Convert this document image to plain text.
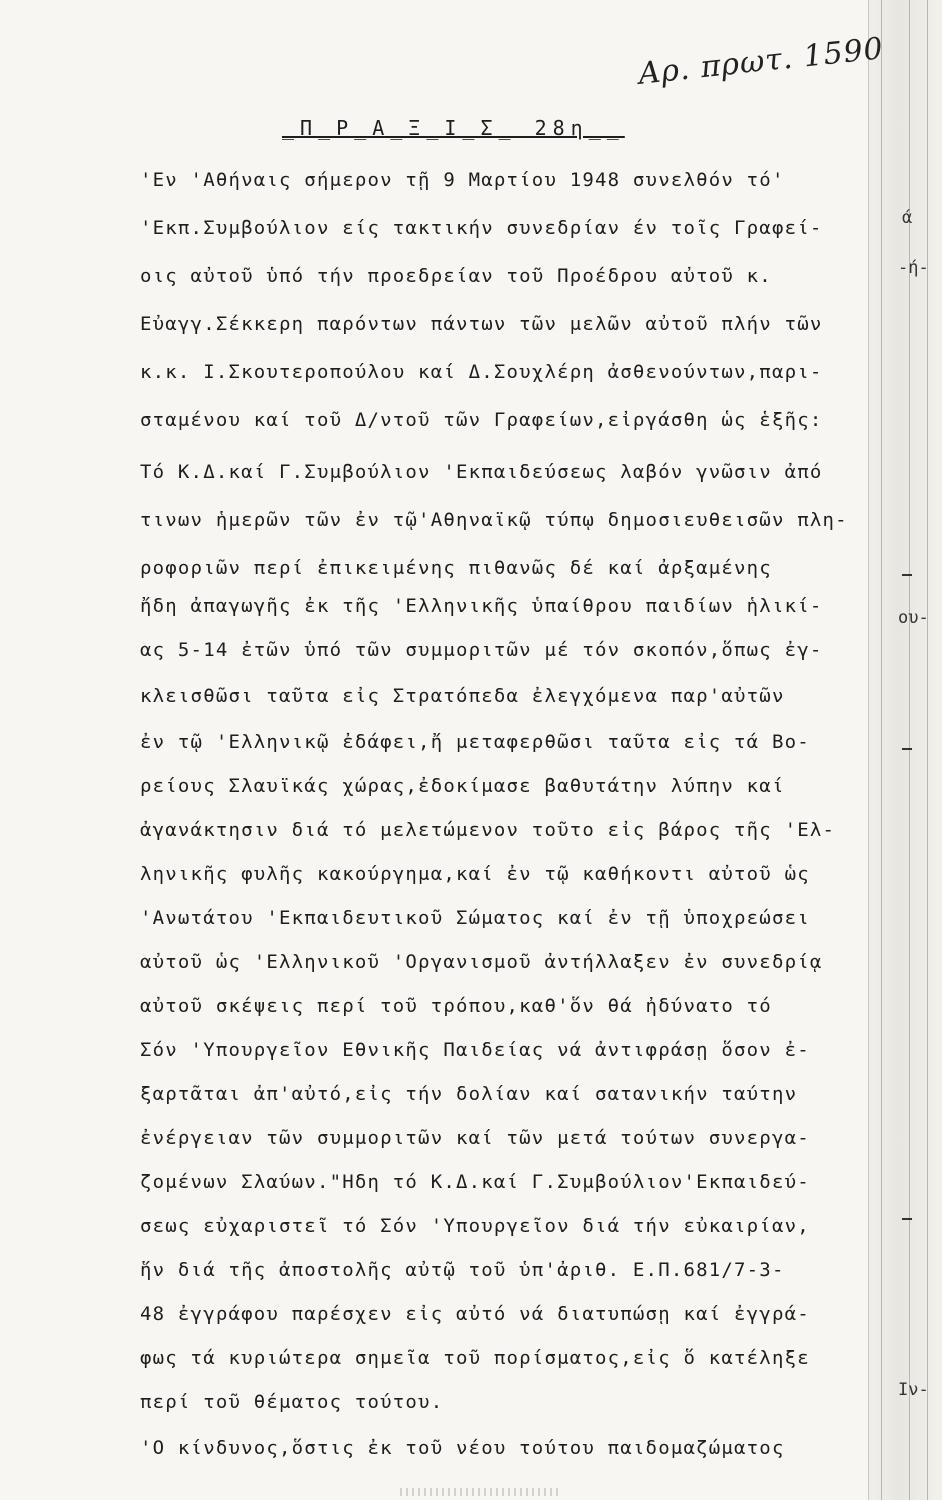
Αρ. πρωτ. 1590
_Π_Ρ_Α_Ξ_Ι_Σ_ 28η__
'Εν 'Αθήναις σήμερον τῇ 9 Μαρτίου 1948 συνελθόν τό'
'Εκπ.Συμβούλιον είς τακτικήν συνεδρίαν έν τοῖς Γραφεί-
οις αὐτοῦ ὑπό τήν προεδρείαν τοῦ Προέδρου αὐτοῦ κ.
Εὐαγγ.Σέκκερη παρόντων πάντων τῶν μελῶν αὐτοῦ πλήν τῶν
κ.κ. Ι.Σκουτεροπούλου καί Δ.Σουχλέρη ἀσθενούντων,παρι-
σταμένου καί τοῦ Δ/ντοῦ τῶν Γραφείων,εἰργάσθη ὡς ἑξῆς:
Τό Κ.Δ.καί Γ.Συμβούλιον 'Εκπαιδεύσεως λαβόν γνῶσιν ἀπό
τινων ἡμερῶν τῶν ἐν τῷ'Αθηναϊκῷ τύπῳ δημοσιευθεισῶν πλη-
ροφοριῶν περί ἐπικειμένης πιθανῶς δέ καί ἀρξαμένης
ἤδη ἀπαγωγῆς ἐκ τῆς 'Ελληνικῆς ὑπαίθρου παιδίων ἡλικί-
ας 5-14 ἐτῶν ὑπό τῶν συμμοριτῶν μέ τόν σκοπόν,ὅπως ἐγ-
κλεισθῶσι ταῦτα εἰς Στρατόπεδα ἐλεγχόμενα παρ'αὐτῶν
ἐν τῷ 'Ελληνικῷ ἐδάφει,ἤ μεταφερθῶσι ταῦτα εἰς τά Βο-
ρείους Σλαυϊκάς χώρας,ἐδοκίμασε βαθυτάτην λύπην καί
ἀγανάκτησιν διά τό μελετώμενον τοῦτο εἰς βάρος τῆς 'Ελ-
ληνικῆς φυλῆς κακούργημα,καί ἐν τῷ καθήκοντι αὐτοῦ ὡς
'Ανωτάτου 'Εκπαιδευτικοῦ Σώματος καί ἐν τῇ ὑποχρεώσει
αὐτοῦ ὡς 'Ελληνικοῦ 'Οργανισμοῦ ἀντήλλαξεν ἐν συνεδρίᾳ
αὐτοῦ σκέψεις περί τοῦ τρόπου,καθ'ὅν θά ἠδύνατο τό
Σόν 'Υπουργεῖον Εθνικῆς Παιδείας νά ἀντιφράσῃ ὅσον ἐ-
ξαρτᾶται ἀπ'αὐτό,εἰς τήν δολίαν καί σατανικήν ταύτην
ἐνέργειαν τῶν συμμοριτῶν καί τῶν μετά τούτων συνεργα-
ζομένων Σλαύων."Ηδη τό Κ.Δ.καί Γ.Συμβούλιον'Εκπαιδεύ-
σεως εὐχαριστεῖ τό Σόν 'Υπουργεῖον διά τήν εὐκαιρίαν,
ἥν διά τῆς ἀποστολῆς αὐτῷ τοῦ ὑπ'ἀριθ. Ε.Π.681/7-3-
48 ἐγγράφου παρέσχεν εἰς αὐτό νά διατυπώσῃ καί ἐγγρά-
φως τά κυριώτερα σημεῖα τοῦ πορίσματος,εἰς ὅ κατέληξε
περί τοῦ θέματος τούτου.
'Ο κίνδυνος,ὅστις ἐκ τοῦ νέου τούτου παιδομαζώματος
ά
-ή-
ου-
Ιν-
